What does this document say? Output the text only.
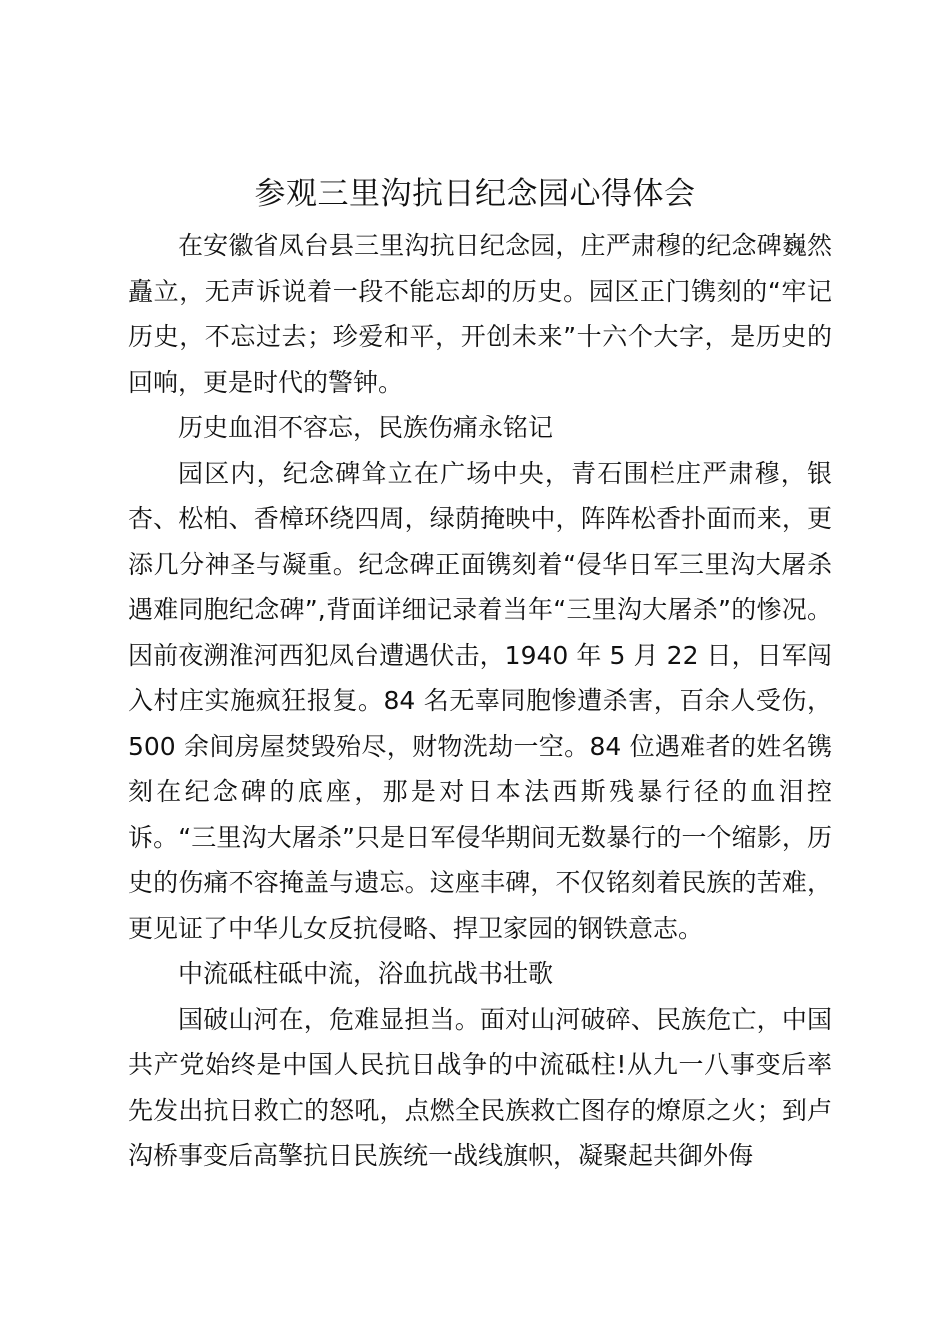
参观三里沟抗日纪念园心得体会

在安徽省凤台县三里沟抗日纪念园，庄严肃穆的纪念碑巍然矗立，无声诉说着一段不能忘却的历史。园区正门镌刻的“牢记历史，不忘过去；珍爱和平，开创未来”十六个大字，是历史的回响，更是时代的警钟。

历史血泪不容忘，民族伤痛永铭记

园区内，纪念碑耸立在广场中央，青石围栏庄严肃穆，银杏、松柏、香樟环绕四周，绿荫掩映中，阵阵松香扑面而来，更添几分神圣与凝重。纪念碑正面镌刻着“侵华日军三里沟大屠杀遇难同胞纪念碑”,背面详细记录着当年“三里沟大屠杀”的惨况。因前夜溯淮河西犯凤台遭遇伏击，1940 年 5 月 22 日，日军闯入村庄实施疯狂报复。84 名无辜同胞惨遭杀害，百余人受伤，500 余间房屋焚毁殆尽，财物洗劫一空。84 位遇难者的姓名镌刻在纪念碑的底座，那是对日本法西斯残暴行径的血泪控诉。“三里沟大屠杀”只是日军侵华期间无数暴行的一个缩影，历史的伤痛不容掩盖与遗忘。这座丰碑，不仅铭刻着民族的苦难，更见证了中华儿女反抗侵略、捍卫家园的钢铁意志。

中流砥柱砥中流，浴血抗战书壮歌

国破山河在，危难显担当。面对山河破碎、民族危亡，中国共产党始终是中国人民抗日战争的中流砥柱!从九一八事变后率先发出抗日救亡的怒吼，点燃全民族救亡图存的燎原之火；到卢沟桥事变后高擎抗日民族统一战线旗帜，凝聚起共御外侮
